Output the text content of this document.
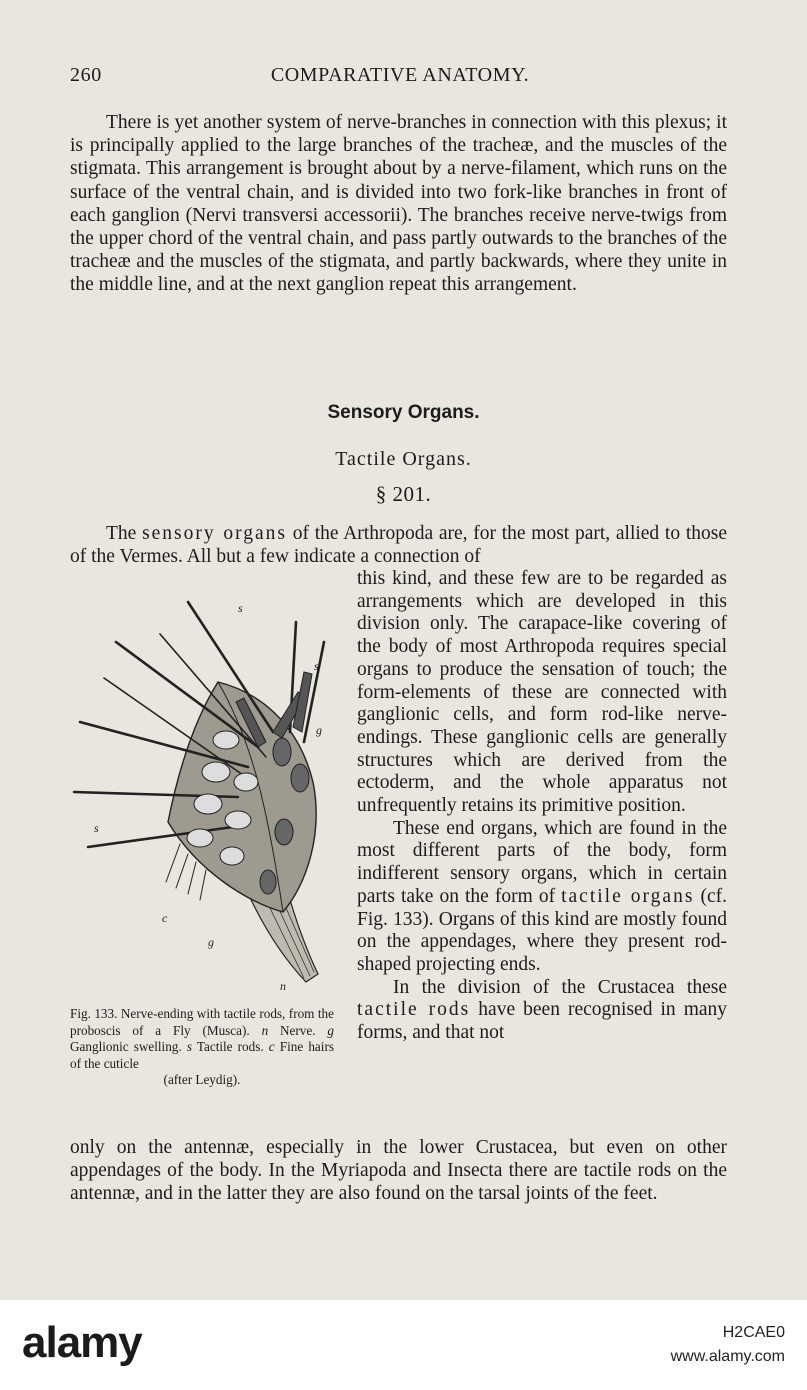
260	COMPARATIVE ANATOMY.

There is yet another system of nerve-branches in connection with this plexus; it is principally applied to the large branches of the tracheæ, and the muscles of the stigmata. This arrangement is brought about by a nerve-filament, which runs on the surface of the ventral chain, and is divided into two fork-like branches in front of each ganglion (Nervi transversi accessorii). The branches receive nerve-twigs from the upper chord of the ventral chain, and pass partly outwards to the branches of the tracheæ and the muscles of the stigmata, and partly backwards, where they unite in the middle line, and at the next ganglion repeat this arrangement.

Sensory Organs.
Tactile Organs.
§ 201.

The sensory organs of the Arthropoda are, for the most part, allied to those of the Vermes. All but a few indicate a connection of

this kind, and these few are to be regarded as arrangements which are developed in this division only. The carapace-like covering of the body of most Arthropoda requires special organs to produce the sensation of touch; the form-elements of these are connected with ganglionic cells, and form rod-like nerve-endings. These ganglionic cells are generally structures which are derived from the ectoderm, and the whole apparatus not unfrequently retains its primitive position.

These end organs, which are found in the most different parts of the body, form indifferent sensory organs, which in certain parts take on the form of tactile organs (cf. Fig. 133). Organs of this kind are mostly found on the appendages, where they present rod-shaped projecting ends.

In the division of the Crustacea these tactile rods have been recognised in many forms, and that not

s
s
g
s
c
g
n
Fig. 133. Nerve-ending with tactile rods, from the proboscis of a Fly (Musca). n Nerve. g Ganglionic swelling. s Tactile rods. c Fine hairs of the cuticle
(after Leydig).

only on the antennæ, especially in the lower Crustacea, but even on other appendages of the body. In the Myriapoda and Insecta there are tactile rods on the antennæ, and in the latter they are also found on the tarsal joints of the feet.

alamy	H2CAE0
www.alamy.com
